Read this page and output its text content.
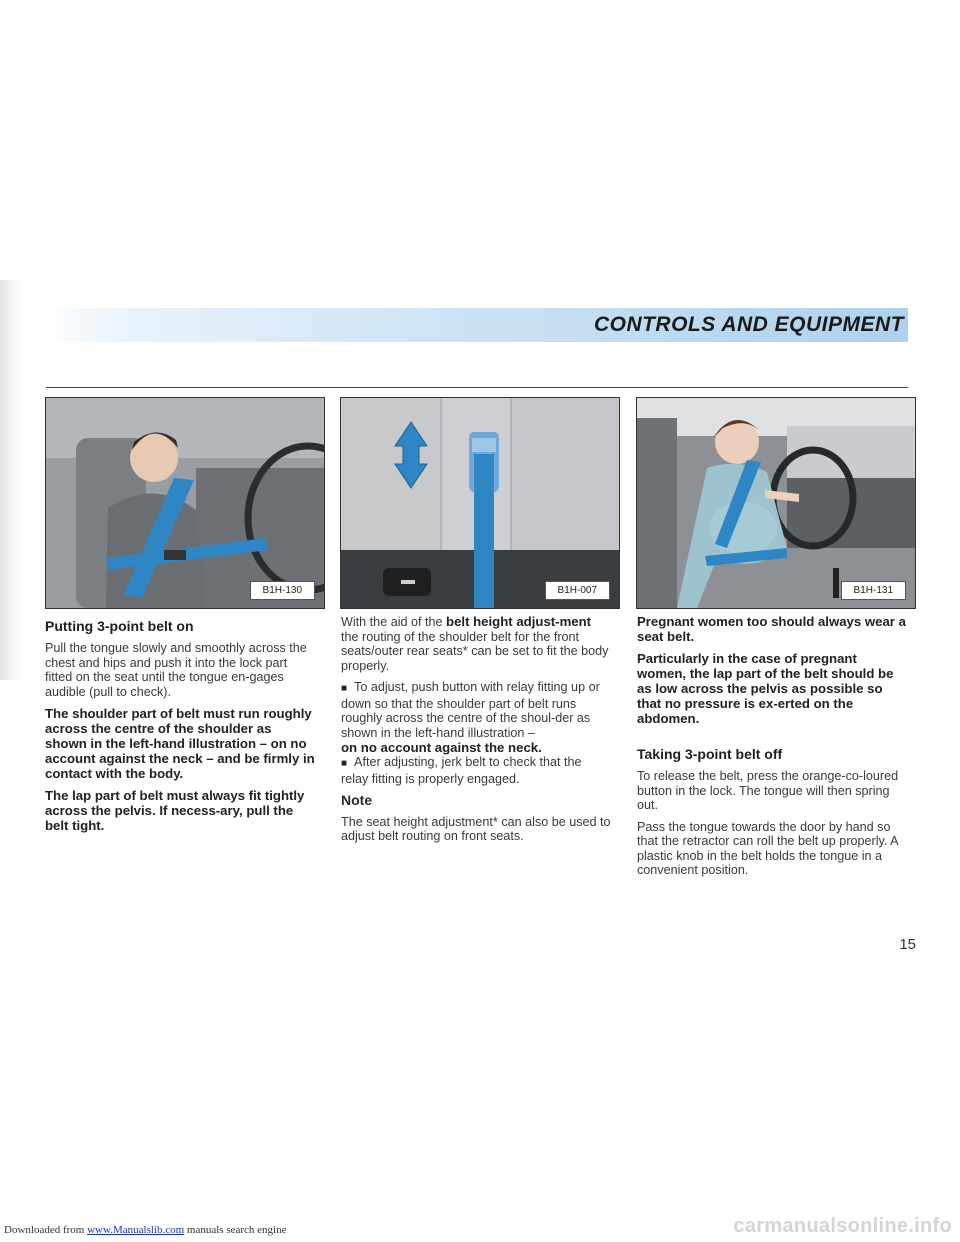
CONTROLS AND EQUIPMENT
B1H-130	B1H-007	B1H-131

Putting 3-point belt on

Pull the tongue slowly and smoothly across the chest and hips and push it into the lock part fitted on the seat until the tongue en-gages audible (pull to check).

The shoulder part of belt must run roughly across the centre of the shoulder as shown in the left-hand illustration – on no account against the neck – and be firmly in contact with the body.

The lap part of belt must always fit tightly across the pelvis. If necess-ary, pull the belt tight.

With the aid of the belt height adjust-ment the routing of the shoulder belt for the front seats/outer rear seats* can be set to fit the body properly.

■ To adjust, push button with relay fitting up or down so that the shoulder part of belt runs roughly across the centre of the shoul-der as shown in the left-hand illustration –
on no account against the neck.
■ After adjusting, jerk belt to check that the relay fitting is properly engaged.

Note

The seat height adjustment* can also be used to adjust belt routing on front seats.

Pregnant women too should always wear a seat belt.

Particularly in the case of pregnant women, the lap part of the belt should be as low across the pelvis as possible so that no pressure is ex-erted on the abdomen.

Taking 3-point belt off

To release the belt, press the orange-co-loured button in the lock. The tongue will then spring out.

Pass the tongue towards the door by hand so that the retractor can roll the belt up properly. A plastic knob in the belt holds the tongue in a convenient position.

15
Downloaded from www.Manualslib.com manuals search engine	carmanualsonline.info
